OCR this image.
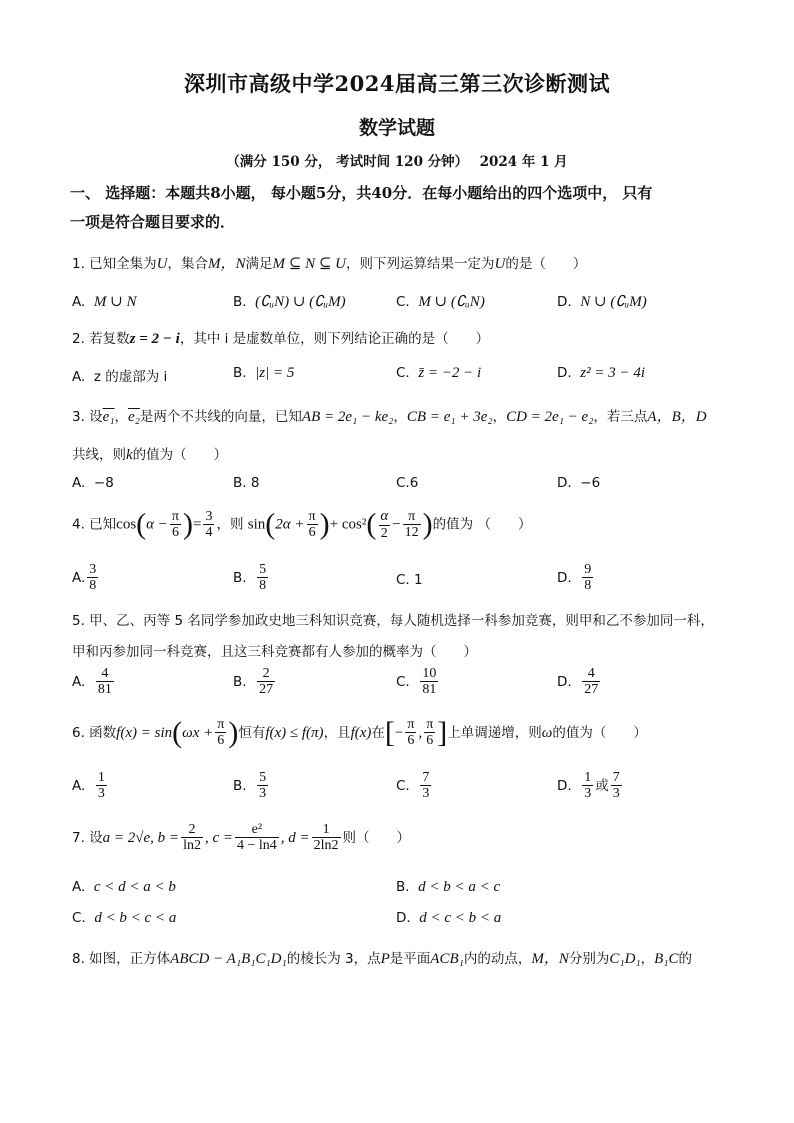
深圳市高级中学2024届高三第三次诊断测试
数学试题
（满分 150 分， 考试时间 120 分钟）　 2024 年 1 月
一、 选择题：本题共8小题， 每小题5分，共40分．在每小题给出的四个选项中， 只有
一项是符合题目要求的．
1. 已知全集为U，集合M，N满足M ⊆ N ⊆ U，则下列运算结果一定为U的是（　　）
A. M ∪ N	B. (∁ᵤN) ∪ (∁ᵤM)	C. M ∪ (∁ᵤN)	D. N ∪ (∁ᵤM)
2. 若复数z = 2 − i，其中 i 是虚数单位，则下列结论正确的是（　　）
A. z 的虚部为 i	B. |z| = 5	C. z̄ = −2 − i	D. z² = 3 − 4i
3. 设e₁，e₂是两个不共线的向量，已知AB = 2e₁ − ke₂，CB = e₁ + 3e₂，CD = 2e₁ − e₂，若三点A，B，D
共线，则k的值为（　　）
A. −8	B. 8	C.6	D. −6
4. 已知$\cos(\alpha - \frac{\pi}{6}$ )= $\frac{3}{4}$ ，则 $\sin(2\alpha + \frac{\pi}{6}$ )+ $\cos^2( \frac{\alpha}{2} - \frac{\pi}{12}$ )的值为 （　　）
A. $\frac{3}{8}$	B. $\frac{5}{8}$	C. 1	D. $\frac{9}{8}$
5. 甲、乙、丙等 5 名同学参加政史地三科知识竞赛，每人随机选择一科参加竞赛，则甲和乙不参加同一科，
甲和丙参加同一科竞赛，且这三科竞赛都有人参加的概率为（　　）
A. $\frac{4}{81}$	B. $\frac{2}{27}$	C. $\frac{10}{81}$	D. $\frac{4}{27}$
6. 函数$f(x) = \sin(\omega x + \frac{\pi}{6}$ )恒有f(x) ≤ f(π)，且f(x)在[− $\frac{\pi}{6}$ , $\frac{\pi}{6}$ ]上单调递增，则ω的值为（　　）
A. $\frac{1}{3}$	B. $\frac{5}{3}$	C. $\frac{7}{3}$	D. $\frac{1}{3}$ 或 $\frac{7}{3}$
7. 设a = 2√e, $b = \frac{2}{\ln 2}$ , $c = \frac{\text{e²}}{4 - \ln 4}$ , $d = \frac{1}{2\ln 2}$ 则（　　）
A. c < d < a < b	B. d < b < a < c
C. d < b < c < a	D. d < c < b < a
8. 如图，正方体ABCD − A₁B₁C₁D₁的棱长为 3，点P是平面ACB₁内的动点，M，N分别为C₁D₁，B₁C的
